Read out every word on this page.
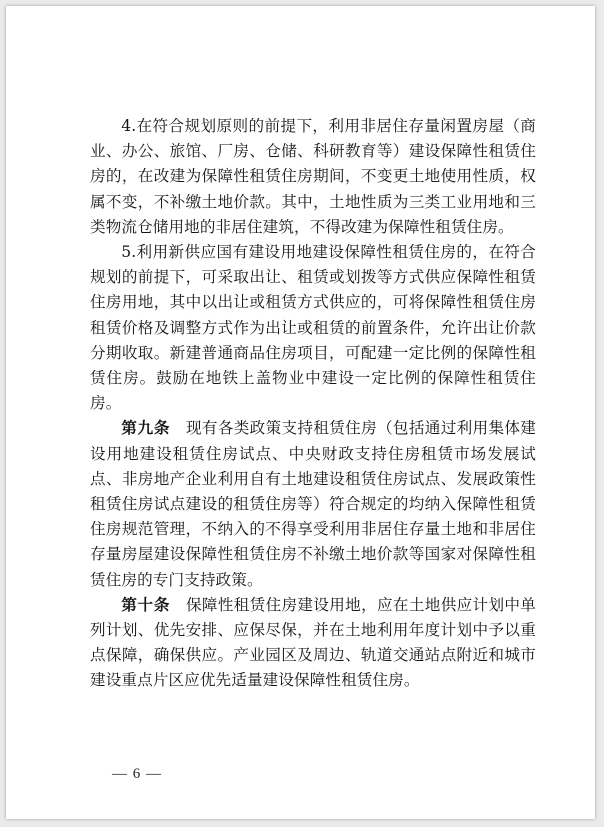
4.在符合规划原则的前提下，利用非居住存量闲置房屋（商业、办公、旅馆、厂房、仓储、科研教育等）建设保障性租赁住房的，在改建为保障性租赁住房期间，不变更土地使用性质，权属不变，不补缴土地价款。其中，土地性质为三类工业用地和三类物流仓储用地的非居住建筑，不得改建为保障性租赁住房。

5.利用新供应国有建设用地建设保障性租赁住房的，在符合规划的前提下，可采取出让、租赁或划拨等方式供应保障性租赁住房用地，其中以出让或租赁方式供应的，可将保障性租赁住房租赁价格及调整方式作为出让或租赁的前置条件，允许出让价款分期收取。新建普通商品住房项目，可配建一定比例的保障性租赁住房。鼓励在地铁上盖物业中建设一定比例的保障性租赁住房。

第九条 现有各类政策支持租赁住房（包括通过利用集体建设用地建设租赁住房试点、中央财政支持住房租赁市场发展试点、非房地产企业利用自有土地建设租赁住房试点、发展政策性租赁住房试点建设的租赁住房等）符合规定的均纳入保障性租赁住房规范管理，不纳入的不得享受利用非居住存量土地和非居住存量房屋建设保障性租赁住房不补缴土地价款等国家对保障性租赁住房的专门支持政策。

第十条 保障性租赁住房建设用地，应在土地供应计划中单列计划、优先安排、应保尽保，并在土地利用年度计划中予以重点保障，确保供应。产业园区及周边、轨道交通站点附近和城市建设重点片区应优先适量建设保障性租赁住房。

— 6 —
